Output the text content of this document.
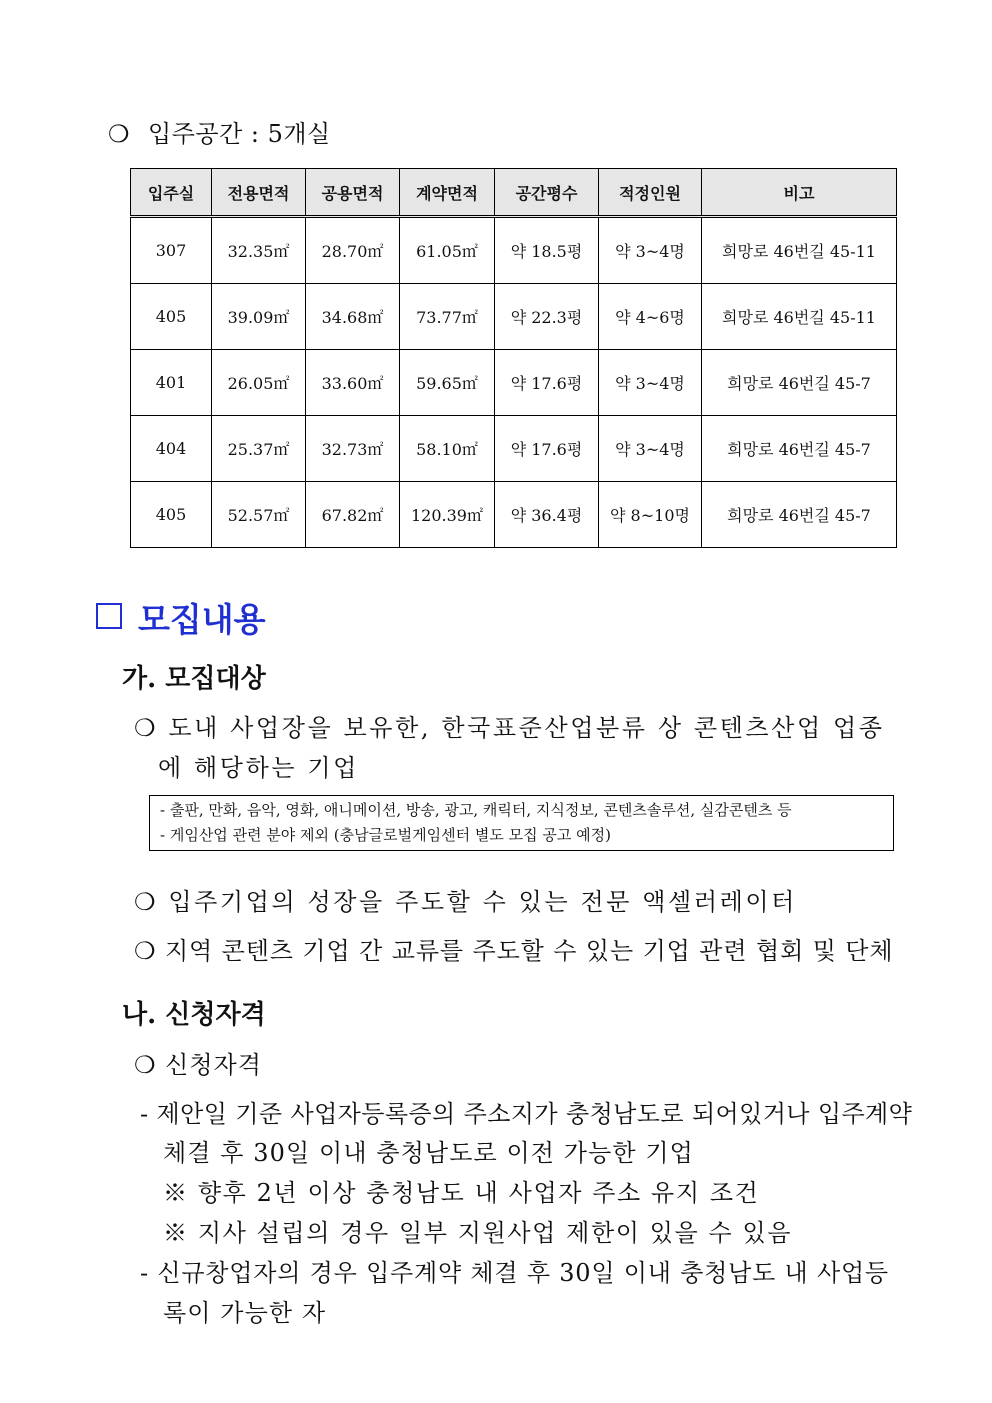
❍ 입주공간 : 5개실
입주실	전용면적	공용면적	계약면적	공간평수	적정인원	비고
307	32.35㎡	28.70㎡	61.05㎡	약 18.5평	약 3~4명	희망로 46번길 45-11
405	39.09㎡	34.68㎡	73.77㎡	약 22.3평	약 4~6명	희망로 46번길 45-11
401	26.05㎡	33.60㎡	59.65㎡	약 17.6평	약 3~4명	희망로 46번길 45-7
404	25.37㎡	32.73㎡	58.10㎡	약 17.6평	약 3~4명	희망로 46번길 45-7
405	52.57㎡	67.82㎡	120.39㎡	약 36.4평	약 8~10명	희망로 46번길 45-7
모집내용
가. 모집대상
❍ 도내 사업장을 보유한, 한국표준산업분류 상 콘텐츠산업 업종
에 해당하는 기업
- 출판, 만화, 음악, 영화, 애니메이션, 방송, 광고, 캐릭터, 지식정보, 콘텐츠솔루션, 실감콘텐츠 등
- 게임산업 관련 분야 제외 (충남글로벌게임센터 별도 모집 공고 예정)
❍ 입주기업의 성장을 주도할 수 있는 전문 액셀러레이터
❍ 지역 콘텐츠 기업 간 교류를 주도할 수 있는 기업 관련 협회 및 단체
나. 신청자격
❍ 신청자격
- 제안일 기준 사업자등록증의 주소지가 충청남도로 되어있거나 입주계약
체결 후 30일 이내 충청남도로 이전 가능한 기업
※ 향후 2년 이상 충청남도 내 사업자 주소 유지 조건
※ 지사 설립의 경우 일부 지원사업 제한이 있을 수 있음
- 신규창업자의 경우 입주계약 체결 후 30일 이내 충청남도 내 사업등
록이 가능한 자
